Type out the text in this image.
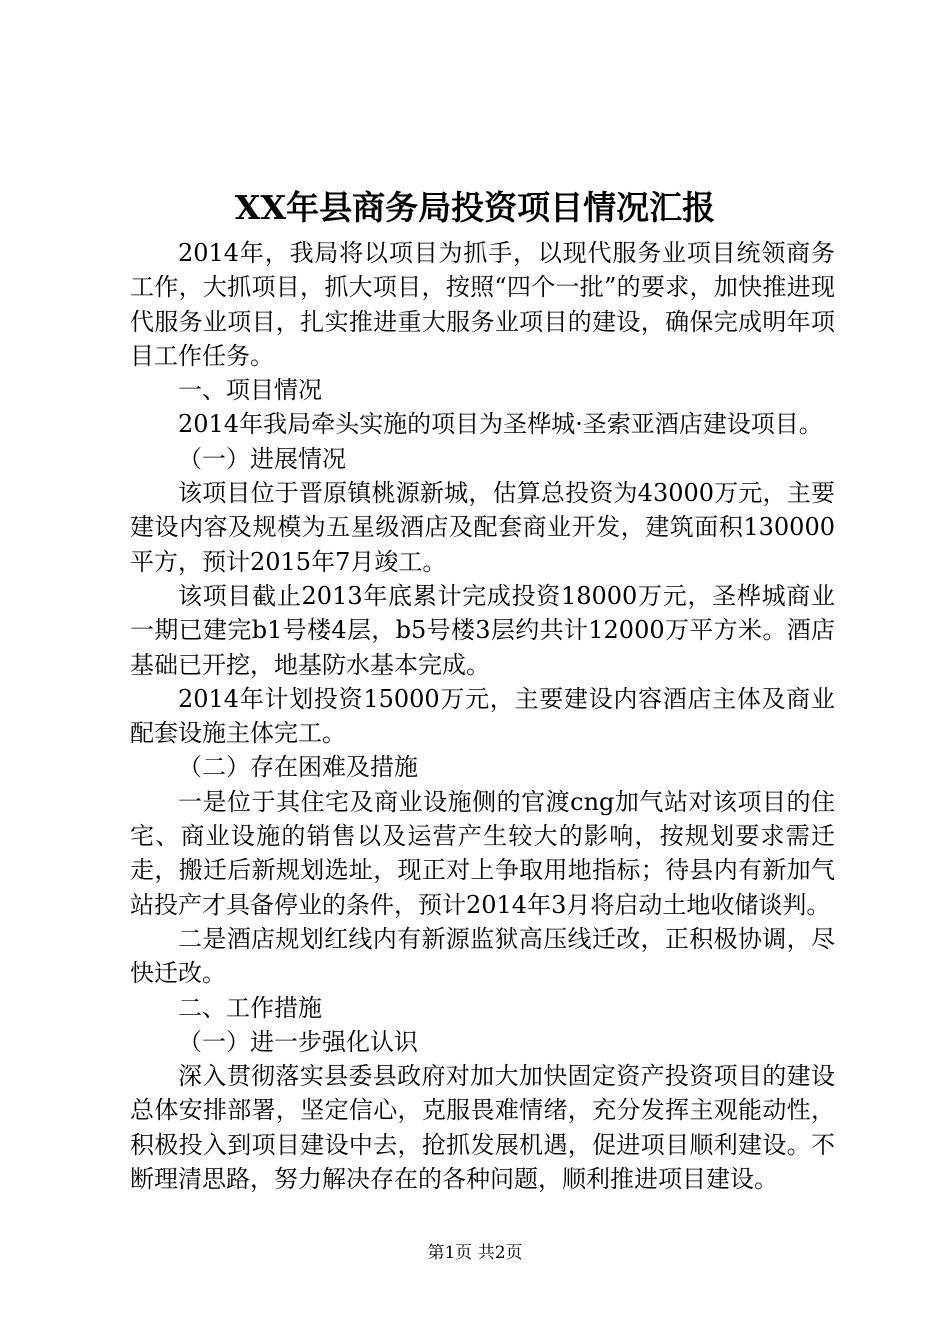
XX年县商务局投资项目情况汇报

2014年，我局将以项目为抓手，以现代服务业项目统领商务工作，大抓项目，抓大项目，按照“四个一批”的要求，加快推进现代服务业项目，扎实推进重大服务业项目的建设，确保完成明年项目工作任务。

一、项目情况

2014年我局牵头实施的项目为圣桦城·圣索亚酒店建设项目。

（一）进展情况

该项目位于晋原镇桃源新城，估算总投资为43000万元，主要建设内容及规模为五星级酒店及配套商业开发，建筑面积130000平方，预计2015年7月竣工。

该项目截止2013年底累计完成投资18000万元，圣桦城商业一期已建完b1号楼4层，b5号楼3层约共计12000万平方米。酒店基础已开挖，地基防水基本完成。

2014年计划投资15000万元，主要建设内容酒店主体及商业配套设施主体完工。

（二）存在困难及措施

一是位于其住宅及商业设施侧的官渡cng加气站对该项目的住宅、商业设施的销售以及运营产生较大的影响，按规划要求需迁走，搬迁后新规划选址，现正对上争取用地指标；待县内有新加气站投产才具备停业的条件，预计2014年3月将启动土地收储谈判。

二是酒店规划红线内有新源监狱高压线迁改，正积极协调，尽快迁改。

二、工作措施

（一）进一步强化认识

深入贯彻落实县委县政府对加大加快固定资产投资项目的建设总体安排部署，坚定信心，克服畏难情绪，充分发挥主观能动性，积极投入到项目建设中去，抢抓发展机遇，促进项目顺利建设。不断理清思路，努力解决存在的各种问题，顺利推进项目建设。

第1页 共2页
